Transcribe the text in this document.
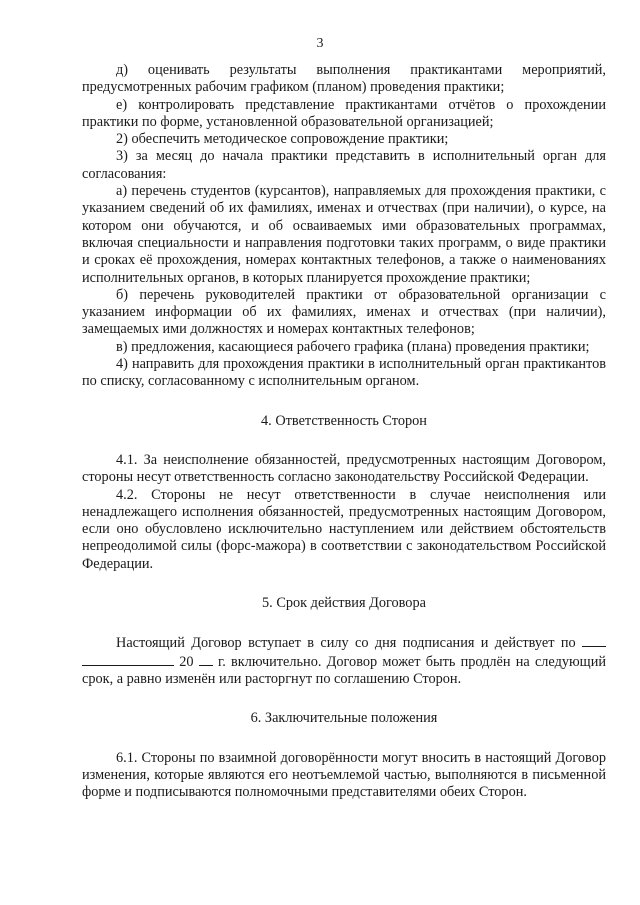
3

д) оценивать результаты выполнения практикантами мероприятий, предусмотренных рабочим графиком (планом) проведения практики;

е) контролировать представление практикантами отчётов о прохождении практики по форме, установленной образовательной организацией;

2) обеспечить методическое сопровождение практики;

3) за месяц до начала практики представить в исполнительный орган для согласования:

а) перечень студентов (курсантов), направляемых для прохождения практики, с указанием сведений об их фамилиях, именах и отчествах (при наличии), о курсе, на котором они обучаются, и об осваиваемых ими образовательных программах, включая специальности и направления подготовки таких программ, о виде практики и сроках её прохождения, номерах контактных телефонов, а также о наименованиях исполнительных органов, в которых планируется прохождение практики;

б) перечень руководителей практики от образовательной организации с указанием информации об их фамилиях, именах и отчествах (при наличии), замещаемых ими должностях и номерах контактных телефонов;

в) предложения, касающиеся рабочего графика (плана) проведения практики;

4) направить для прохождения практики в исполнительный орган практикантов по списку, согласованному с исполнительным органом.

4. Ответственность Сторон

4.1. За неисполнение обязанностей, предусмотренных настоящим Договором, стороны несут ответственность согласно законодательству Российской Федерации.

4.2. Стороны не несут ответственности в случае неисполнения или ненадлежащего исполнения обязанностей, предусмотренных настоящим Договором, если оно обусловлено исключительно наступлением или действием обстоятельств непреодолимой силы (форс-мажора) в соответствии с законодательством Российской Федерации.

5. Срок действия Договора

Настоящий Договор вступает в силу со дня подписания и действует по   20 г. включительно. Договор может быть продлён на следующий срок, а равно изменён или расторгнут по соглашению Сторон.

6. Заключительные положения

6.1. Стороны по взаимной договорённости могут вносить в настоящий Договор изменения, которые являются его неотъемлемой частью, выполняются в письменной форме и подписываются полномочными представителями обеих Сторон.
